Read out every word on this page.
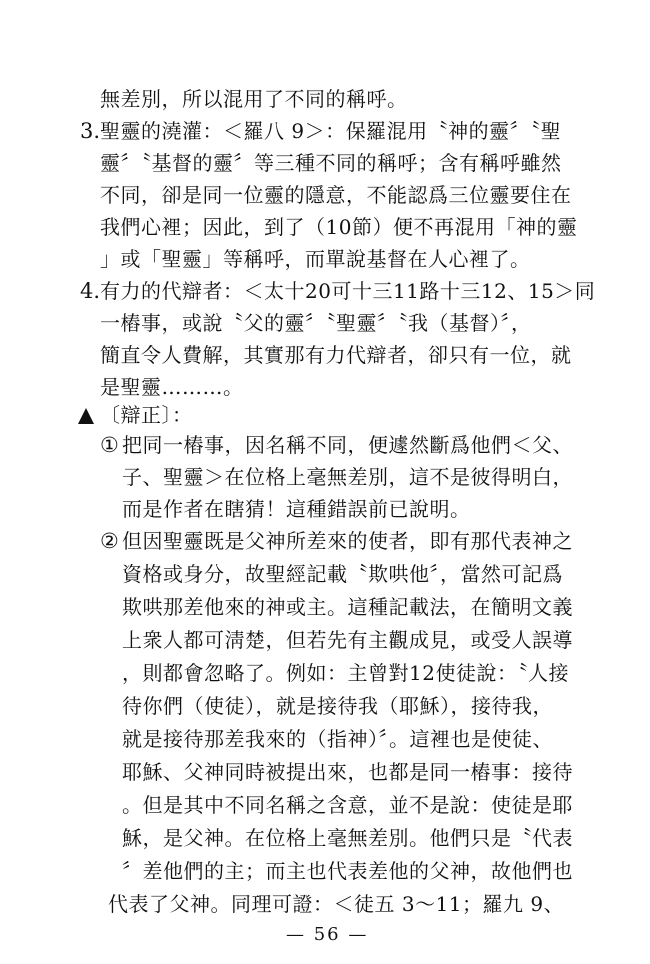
無差別，所以混用了不同的稱呼。
3. 聖靈的澆灌：＜羅八 9＞：保羅混用〝神的靈〞〝聖
靈〞〝基督的靈〞等三種不同的稱呼；含有稱呼雖然
不同，卻是同一位靈的隱意，不能認爲三位靈要住在
我們心裡；因此，到了（10節）便不再混用「神的靈
」或「聖靈」等稱呼，而單說基督在人心裡了。
4. 有力的代辯者：＜太十20可十三11路十三12、15＞同
一樁事，或說〝父的靈〞〝聖靈〞〝我（基督）〞，
簡直令人費解，其實那有力代辯者，卻只有一位，就
是聖靈………。
〔辯正〕：
① 把同一樁事，因名稱不同，便遽然斷爲他們＜父、
子、聖靈＞在位格上毫無差別，這不是彼得明白，
而是作者在瞎猜！這種錯誤前已說明。
② 但因聖靈既是父神所差來的使者，即有那代表神之
資格或身分，故聖經記載〝欺哄他〞，當然可記爲
欺哄那差他來的神或主。這種記載法，在簡明文義
上衆人都可淸楚，但若先有主觀成見，或受人誤導
，則都會忽略了。例如：主曾對12使徒說：〝人接
待你們（使徒），就是接待我（耶穌），接待我，
就是接待那差我來的（指神）〞。這裡也是使徒、
耶穌、父神同時被提出來，也都是同一樁事：接待
。但是其中不同名稱之含意，並不是說：使徒是耶
穌，是父神。在位格上毫無差別。他們只是〝代表
〞差他們的主；而主也代表差他的父神，故他們也
代表了父神。同理可證：＜徒五 3～11；羅九 9、
— 56 —
